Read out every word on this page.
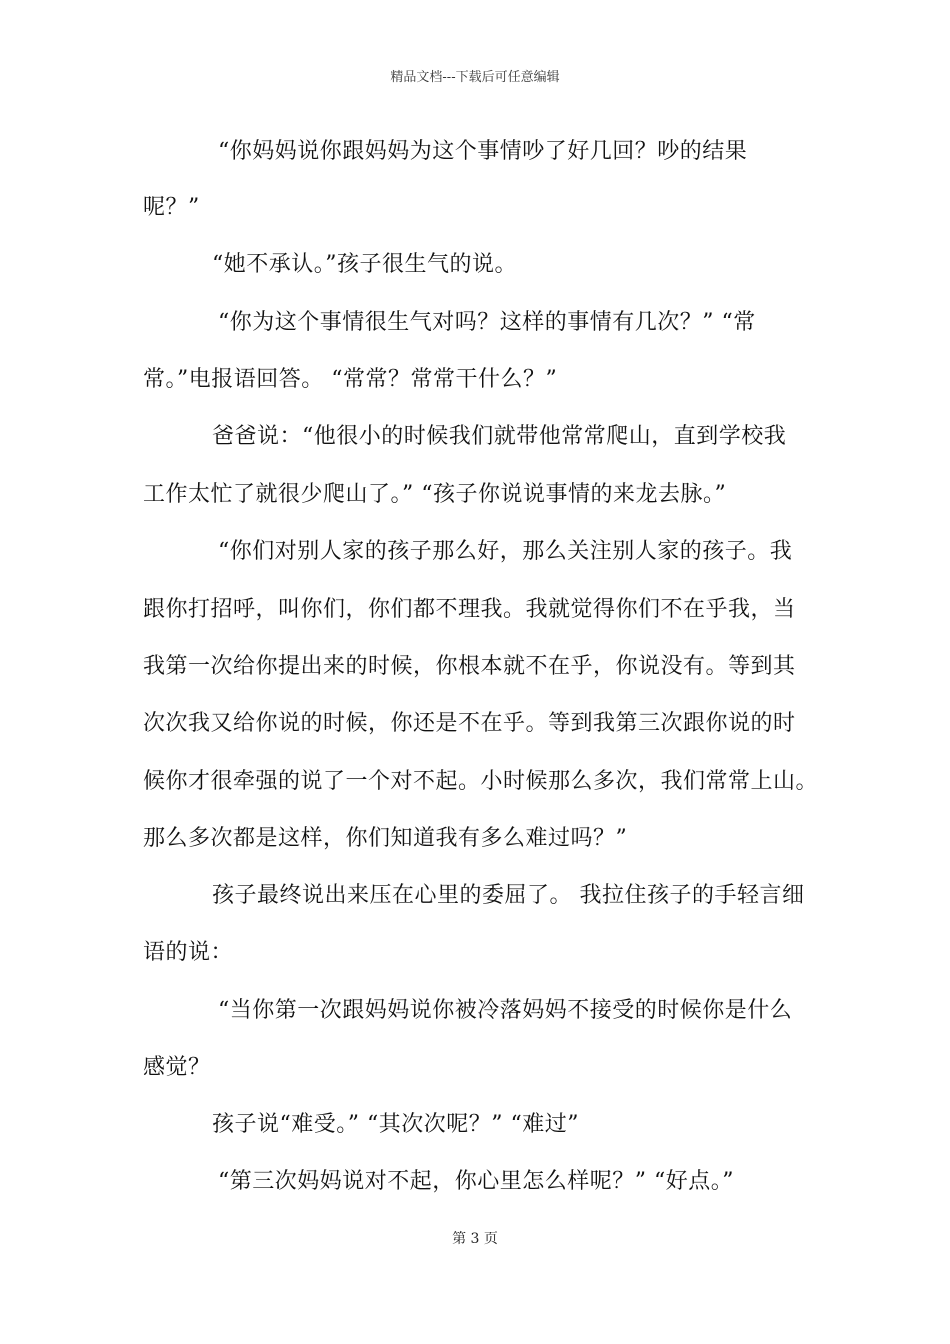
精品文档---下载后可任意编辑
“你妈妈说你跟妈妈为这个事情吵了好几回？吵的结果
呢？”
“她不承认。”孩子很生气的说。
“你为这个事情很生气对吗？这样的事情有几次？” “常
常。”电报语回答。 “常常？常常干什么？”
爸爸说：“他很小的时候我们就带他常常爬山，直到学校我
工作太忙了就很少爬山了。” “孩子你说说事情的来龙去脉。”
“你们对别人家的孩子那么好，那么关注别人家的孩子。我
跟你打招呼，叫你们，你们都不理我。我就觉得你们不在乎我，当
我第一次给你提出来的时候，你根本就不在乎，你说没有。等到其
次次我又给你说的时候，你还是不在乎。等到我第三次跟你说的时
候你才很牵强的说了一个对不起。小时候那么多次，我们常常上山。
那么多次都是这样，你们知道我有多么难过吗？”
孩子最终说出来压在心里的委屈了。 我拉住孩子的手轻言细
语的说：
“当你第一次跟妈妈说你被冷落妈妈不接受的时候你是什么
感觉？
孩子说“难受。” “其次次呢？” “难过”
“第三次妈妈说对不起，你心里怎么样呢？” “好点。”
第 3 页
